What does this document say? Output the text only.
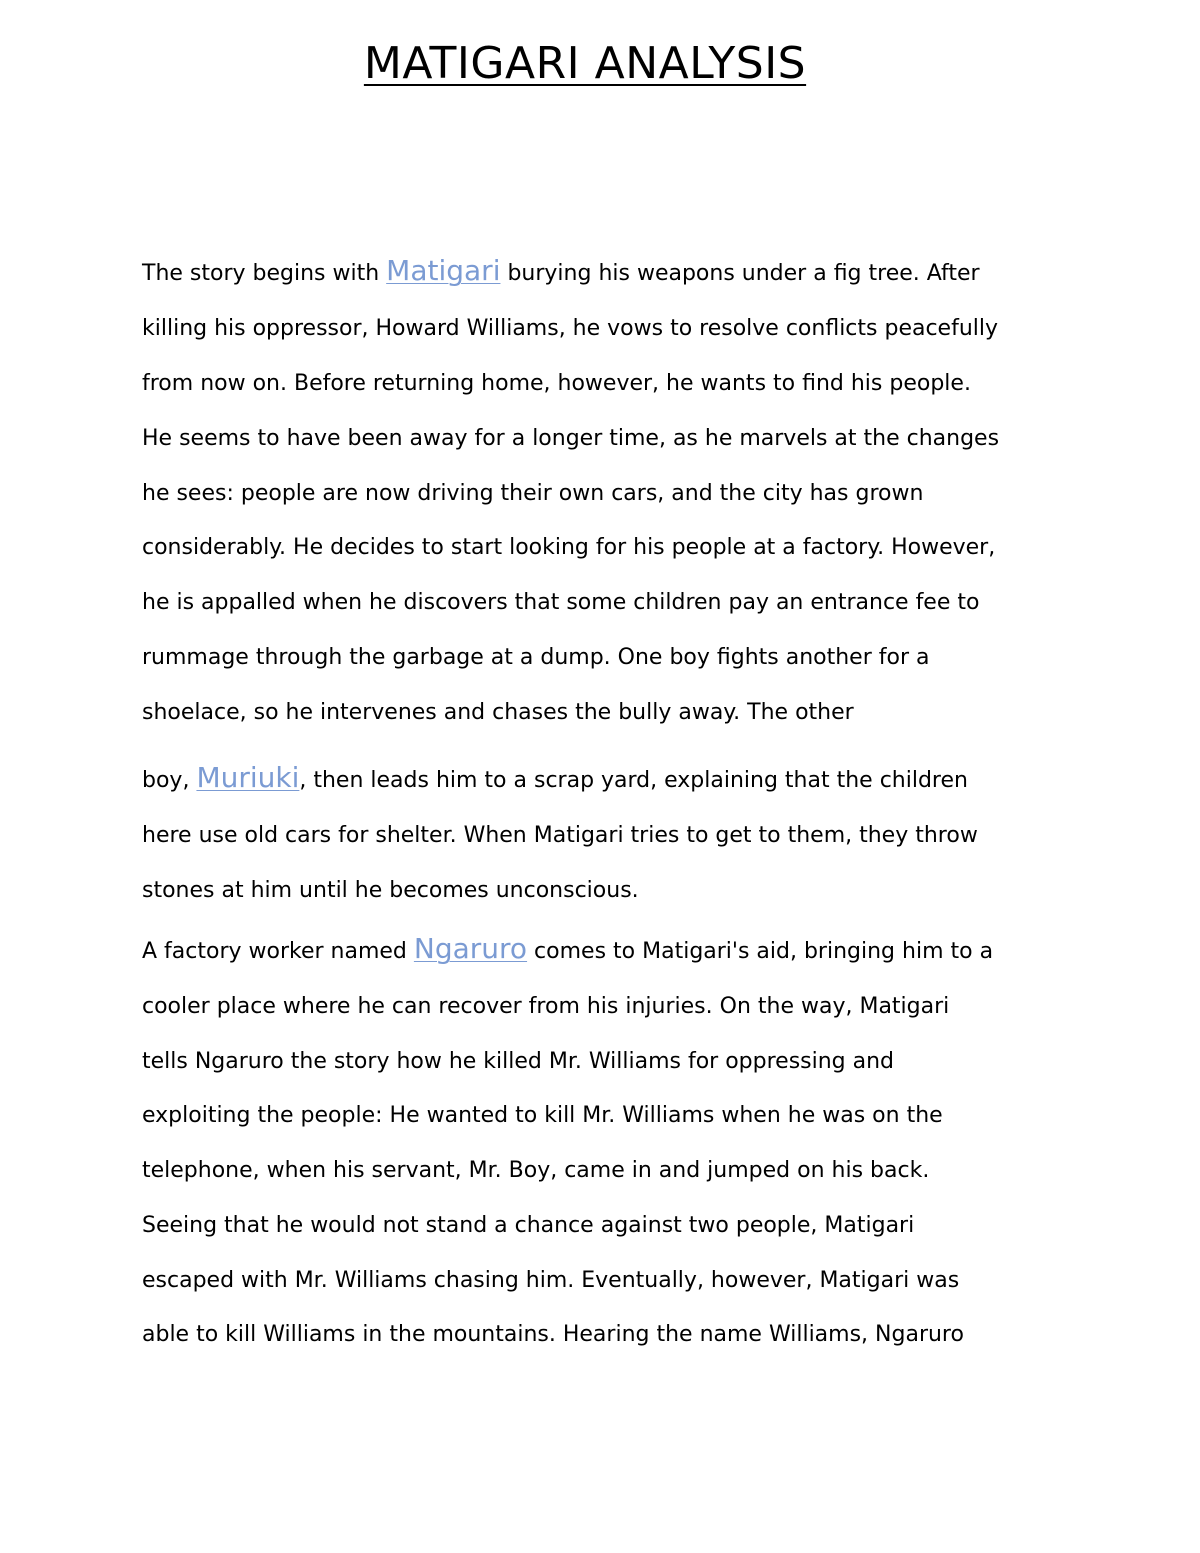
MATIGARI ANALYSIS
The story begins with Matigari burying his weapons under a fig tree. After
killing his oppressor, Howard Williams, he vows to resolve conflicts peacefully
from now on. Before returning home, however, he wants to find his people.
He seems to have been away for a longer time, as he marvels at the changes
he sees: people are now driving their own cars, and the city has grown
considerably. He decides to start looking for his people at a factory. However,
he is appalled when he discovers that some children pay an entrance fee to
rummage through the garbage at a dump. One boy fights another for a
shoelace, so he intervenes and chases the bully away. The other
boy, Muriuki, then leads him to a scrap yard, explaining that the children
here use old cars for shelter. When Matigari tries to get to them, they throw
stones at him until he becomes unconscious.
A factory worker named Ngaruro comes to Matigari's aid, bringing him to a
cooler place where he can recover from his injuries. On the way, Matigari
tells Ngaruro the story how he killed Mr. Williams for oppressing and
exploiting the people: He wanted to kill Mr. Williams when he was on the
telephone, when his servant, Mr. Boy, came in and jumped on his back.
Seeing that he would not stand a chance against two people, Matigari
escaped with Mr. Williams chasing him. Eventually, however, Matigari was
able to kill Williams in the mountains. Hearing the name Williams, Ngaruro
